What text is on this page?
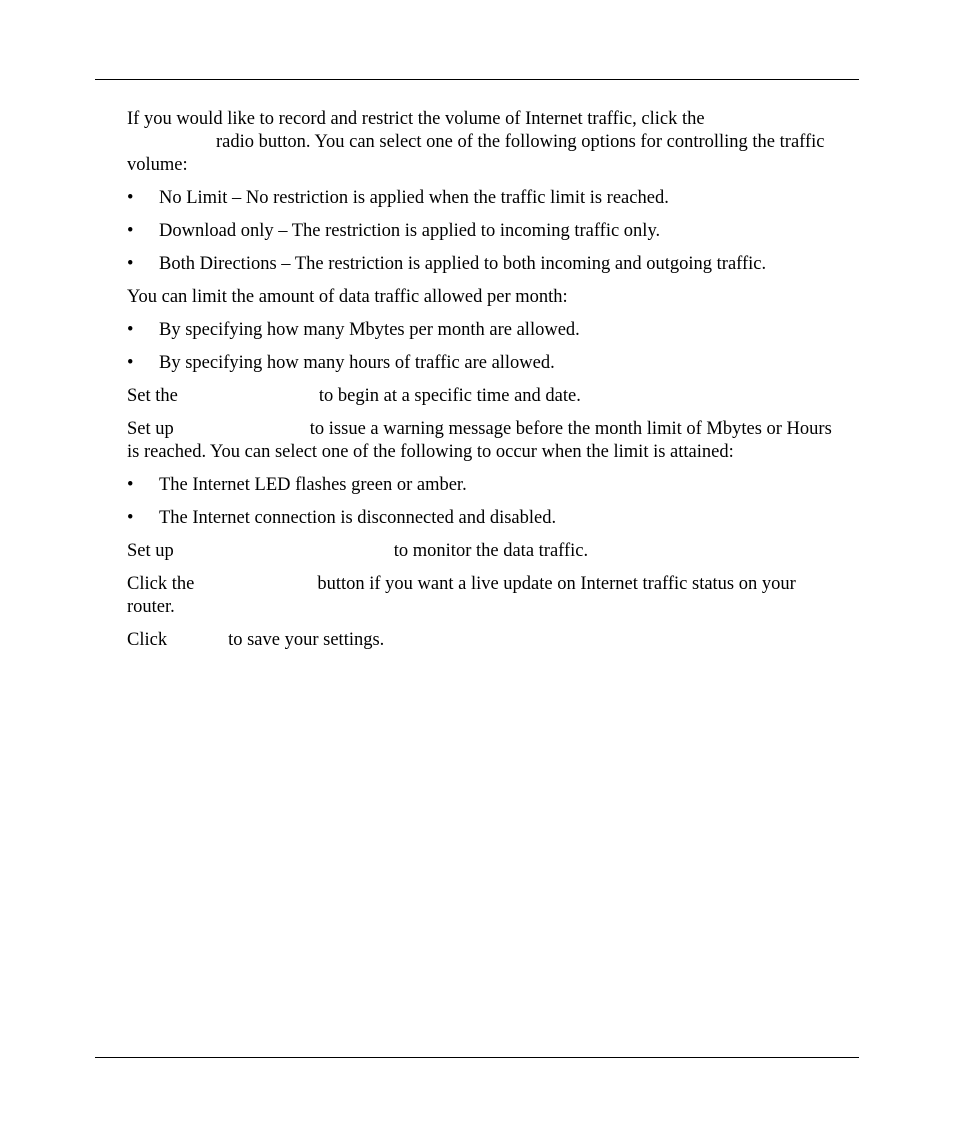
If you would like to record and restrict the volume of Internet traffic, click the

radio button. You can select one of the following options for controlling the traffic

volume:

• No Limit – No restriction is applied when the traffic limit is reached.
• Download only – The restriction is applied to incoming traffic only.
• Both Directions – The restriction is applied to both incoming and outgoing traffic.

You can limit the amount of data traffic allowed per month:

• By specifying how many Mbytes per month are allowed.
• By specifying how many hours of traffic are allowed.

Set the	to begin at a specific time and date.

Set up	to issue a warning message before the month limit of Mbytes or Hours

is reached. You can select one of the following to occur when the limit is attained:

• The Internet LED flashes green or amber.
• The Internet connection is disconnected and disabled.

Set up	to monitor the data traffic.

Click the	button if you want a live update on Internet traffic status on your

router.

Click	to save your settings.
